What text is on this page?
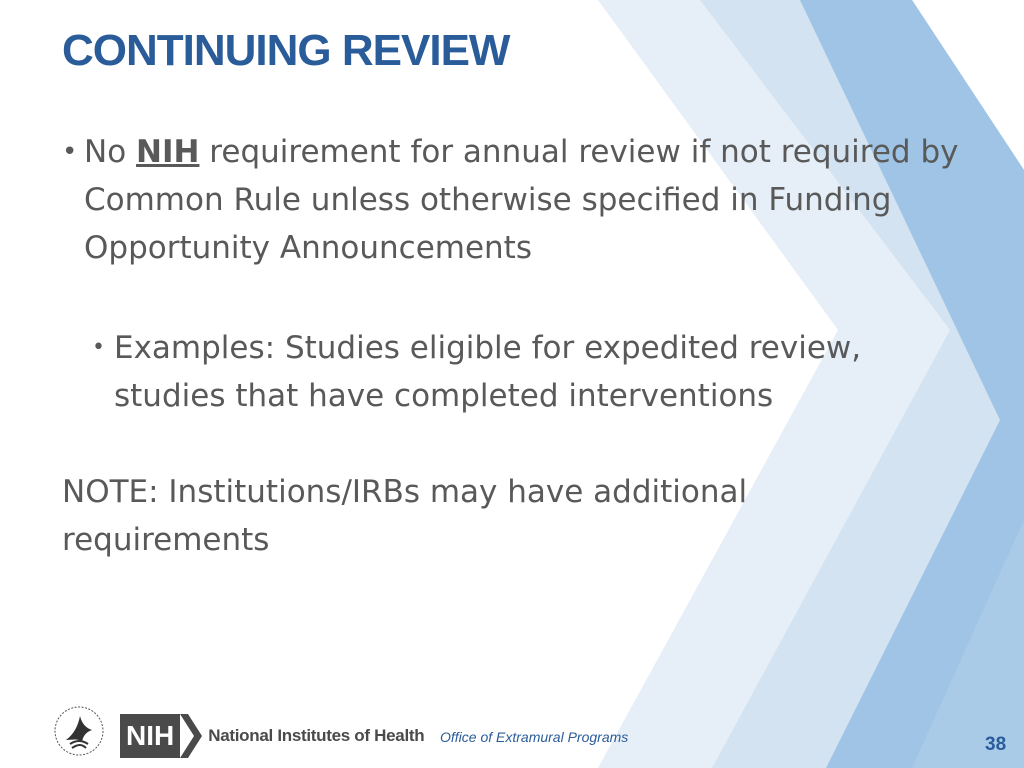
CONTINUING REVIEW
• No NIH requirement for annual review if not required by Common Rule unless otherwise specified in Funding Opportunity Announcements
• Examples: Studies eligible for expedited review, studies that have completed interventions
NOTE: Institutions/IRBs may have additional requirements
NIH	National Institutes of Health Office of Extramural Programs	38
